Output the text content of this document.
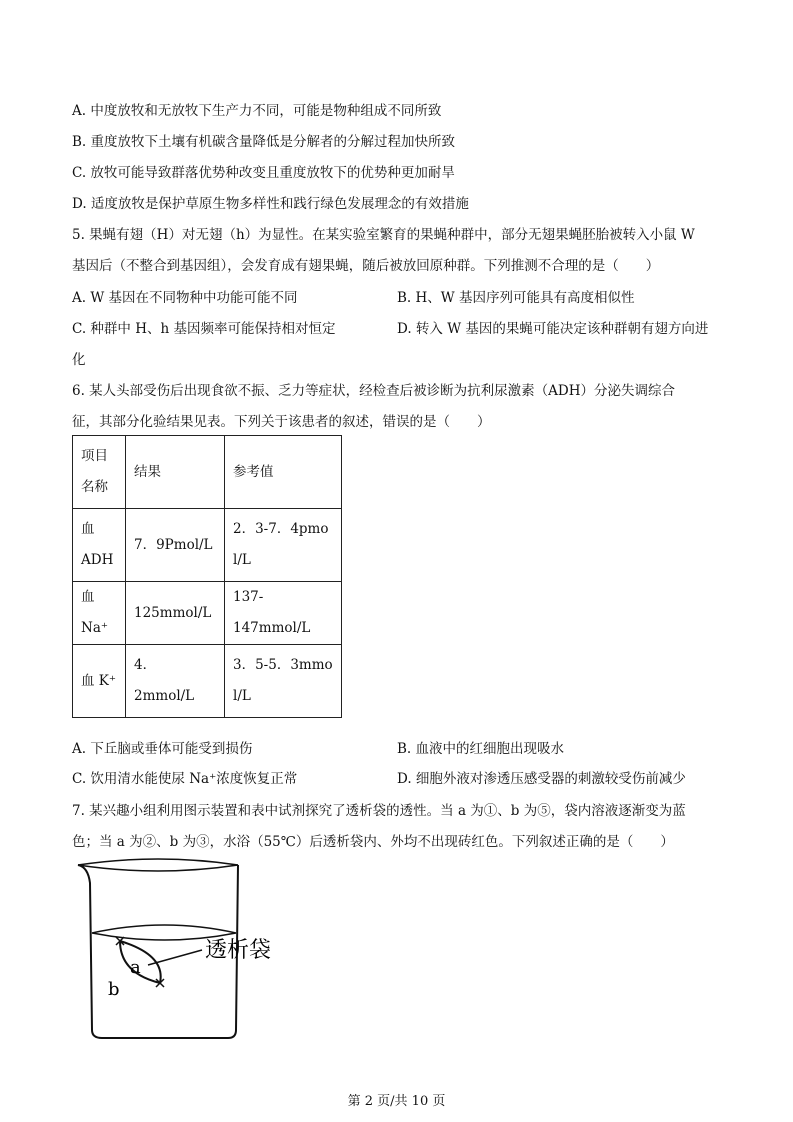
A. 中度放牧和无放牧下生产力不同，可能是物种组成不同所致
B. 重度放牧下土壤有机碳含量降低是分解者的分解过程加快所致
C. 放牧可能导致群落优势种改变且重度放牧下的优势种更加耐旱
D. 适度放牧是保护草原生物多样性和践行绿色发展理念的有效措施
5. 果蝇有翅（H）对无翅（h）为显性。在某实验室繁育的果蝇种群中，部分无翅果蝇胚胎被转入小鼠 W
基因后（不整合到基因组），会发育成有翅果蝇，随后被放回原种群。下列推测不合理的是（　　）
A. W 基因在不同物种中功能可能不同	B. H、W 基因序列可能具有高度相似性
C. 种群中 H、h 基因频率可能保持相对恒定	D. 转入 W 基因的果蝇可能决定该种群朝有翅方向进
化
6. 某人头部受伤后出现食欲不振、乏力等症状，经检查后被诊断为抗利尿激素（ADH）分泌失调综合
征，其部分化验结果见表。下列关于该患者的叙述，错误的是（　　）
项目名称	结果	参考值
血 ADH	7．9Pmol/L	2．3-7．4pmol/L
血 Na⁺	125mmol/L	137-147mmol/L
血 K⁺	4．2mmol/L	3．5-5．3mmol/L
A. 下丘脑或垂体可能受到损伤	B. 血液中的红细胞出现吸水
C. 饮用清水能使尿 Na⁺浓度恢复正常	D. 细胞外液对渗透压感受器的刺激较受伤前减少
7. 某兴趣小组利用图示装置和表中试剂探究了透析袋的透性。当 a 为①、b 为⑤，袋内溶液逐渐变为蓝
色；当 a 为②、b 为③，水浴（55℃）后透析袋内、外均不出现砖红色。下列叙述正确的是（　　）
透析袋
a
b
第 2 页/共 10 页
